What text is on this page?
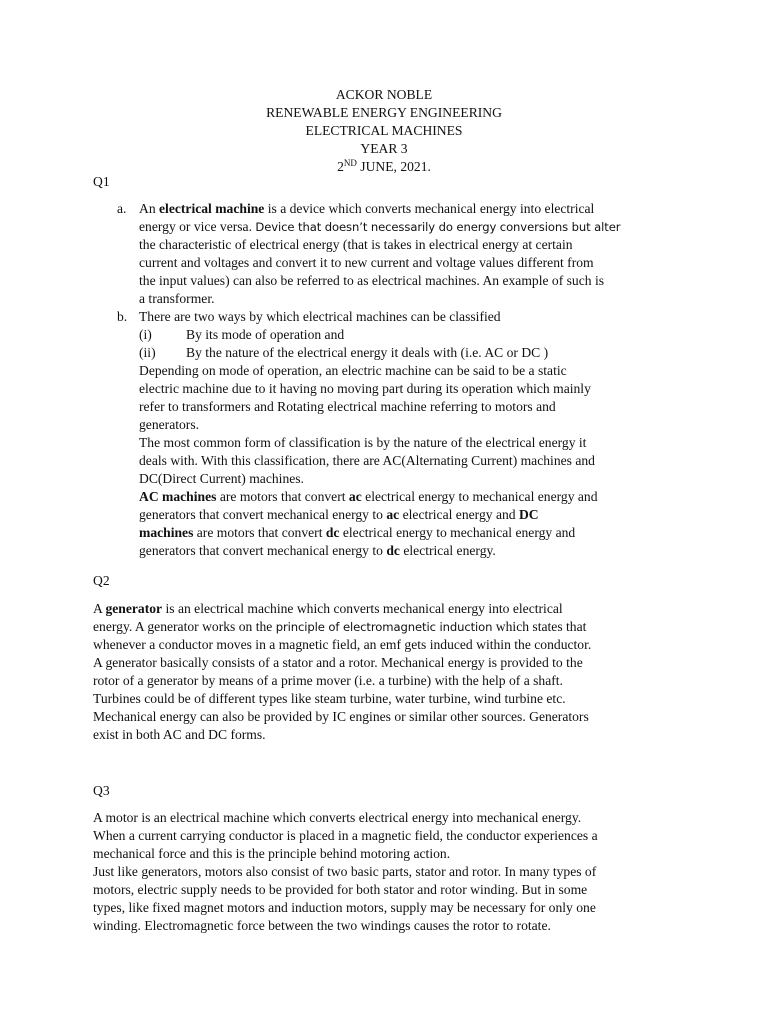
ACKOR NOBLE
RENEWABLE ENERGY ENGINEERING
ELECTRICAL MACHINES
YEAR 3
2ND JUNE, 2021.
Q1
a. An electrical machine is a device which converts mechanical energy into electrical
energy or vice versa. Device that doesn’t necessarily do energy conversions but alter
the characteristic of electrical energy (that is takes in electrical energy at certain
current and voltages and convert it to new current and voltage values different from
the input values) can also be referred to as electrical machines. An example of such is
a transformer.
b. There are two ways by which electrical machines can be classified
(i)	By its mode of operation and
(ii) By the nature of the electrical energy it deals with (i.e. AC or DC )
Depending on mode of operation, an electric machine can be said to be a static
electric machine due to it having no moving part during its operation which mainly
refer to transformers and Rotating electrical machine referring to motors and
generators.
The most common form of classification is by the nature of the electrical energy it
deals with. With this classification, there are AC(Alternating Current) machines and
DC(Direct Current) machines.
AC machines are motors that convert ac electrical energy to mechanical energy and
generators that convert mechanical energy to ac electrical energy and DC
machines are motors that convert dc electrical energy to mechanical energy and
generators that convert mechanical energy to dc electrical energy.
Q2
A generator is an electrical machine which converts mechanical energy into electrical
energy. A generator works on the principle of electromagnetic induction which states that
whenever a conductor moves in a magnetic field, an emf gets induced within the conductor.
A generator basically consists of a stator and a rotor. Mechanical energy is provided to the
rotor of a generator by means of a prime mover (i.e. a turbine) with the help of a shaft.
Turbines could be of different types like steam turbine, water turbine, wind turbine etc.
Mechanical energy can also be provided by IC engines or similar other sources. Generators
exist in both AC and DC forms.
Q3
A motor is an electrical machine which converts electrical energy into mechanical energy.
When a current carrying conductor is placed in a magnetic field, the conductor experiences a
mechanical force and this is the principle behind motoring action.
Just like generators, motors also consist of two basic parts, stator and rotor. In many types of
motors, electric supply needs to be provided for both stator and rotor winding. But in some
types, like fixed magnet motors and induction motors, supply may be necessary for only one
winding. Electromagnetic force between the two windings causes the rotor to rotate.
